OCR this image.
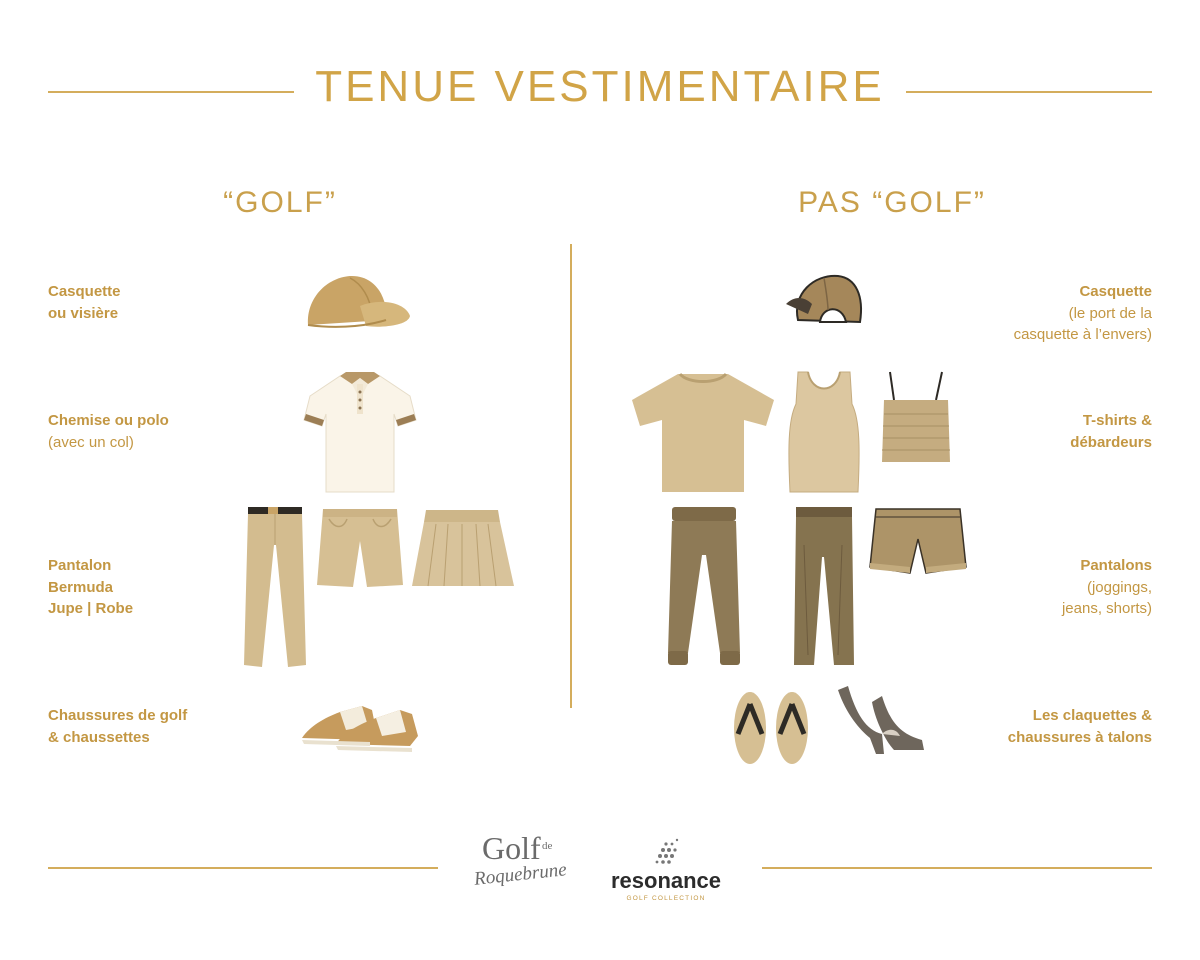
TENUE VESTIMENTAIRE
“GOLF”	PAS “GOLF”
Casquette
ou visière
Chemise ou polo
(avec un col)
Pantalon
Bermuda
Jupe | Robe
Chaussures de golf
& chaussettes
Casquette
(le port de la
casquette à l’envers)
T-shirts &
débardeurs
Pantalons
(joggings,
jeans, shorts)
Les claquettes &
chaussures à talons
Golf de
Roquebrune resonance
GOLF COLLECTION
